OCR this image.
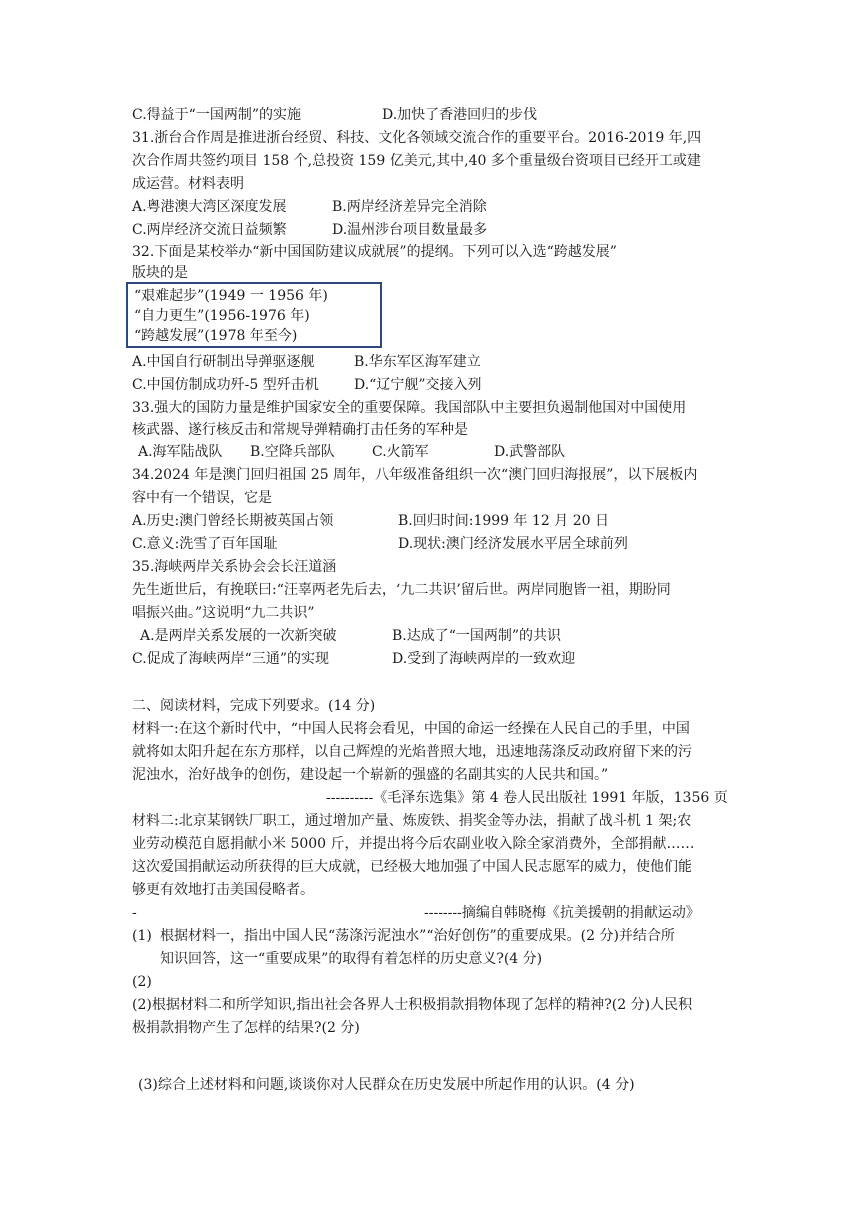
C.得益于“一国两制”的实施	D.加快了香港回归的步伐
31.浙台合作周是推进浙台经贸、科技、文化各领域交流合作的重要平台。2016-2019 年,四
次合作周共签约项目 158 个,总投资 159 亿美元,其中,40 多个重量级台资项目已经开工或建
成运营。材料表明
A.粤港澳大湾区深度发展	B.两岸经济差异完全消除
C.两岸经济交流日益频繁	D.温州涉台项目数量最多
32.下面是某校举办“新中国国防建议成就展”的提纲。下列可以入选“跨越发展”
版块的是
“艰难起步”(1949 一 1956 年)
“自力更生”(1956-1976 年)
“跨越发展”(1978 年至今)
A.中国自行研制出导弹驱逐舰	B.华东军区海军建立
C.中国仿制成功歼-5 型歼击机	D.“辽宁舰”交接入列
33.强大的国防力量是维护国家安全的重要保障。我国部队中主要担负遏制他国对中国使用
核武器、遂行核反击和常规导弹精确打击任务的军种是
A.海军陆战队 B.空降兵部队	C.火箭军	D.武警部队
34.2024 年是澳门回归祖国 25 周年，八年级准备组织一次“澳门回归海报展”，以下展板内
容中有一个错误，它是
A.历史:澳门曾经长期被英国占领	B.回归时间:1999 年 12 月 20 日
C.意义:洗雪了百年国耻	D.现状:澳门经济发展水平居全球前列
35.海峡两岸关系协会会长汪道涵
先生逝世后，有挽联曰:“汪辜两老先后去，‘九二共识’留后世。两岸同胞皆一祖，期盼同
唱振兴曲。”这说明“九二共识”
A.是两岸关系发展的一次新突破	B.达成了“一国两制”的共识
C.促成了海峡两岸“三通”的实现	D.受到了海峡两岸的一致欢迎
二、阅读材料，完成下列要求。(14 分)
材料一:在这个新时代中，“中国人民将会看见，中国的命运一经操在人民自己的手里，中国
就将如太阳升起在东方那样，以自己辉煌的光焰普照大地，迅速地荡涤反动政府留下来的污
泥浊水，治好战争的创伤，建设起一个崭新的强盛的名副其实的人民共和国。”
----------《毛泽东选集》第 4 卷人民出版社 1991 年版，1356 页
材料二:北京某钢铁厂职工，通过增加产量、炼废铁、捐奖金等办法，捐献了战斗机 1 架;农
业劳动模范自愿捐献小米 5000 斤，并提出将今后农副业收入除全家消费外，全部捐献……
这次爱国捐献运动所获得的巨大成就，已经极大地加强了中国人民志愿军的威力，使他们能
够更有效地打击美国侵略者。
-	--------摘编自韩晓梅《抗美援朝的捐献运动》
(1) 根据材料一，指出中国人民“荡涤污泥浊水”“治好创伤”的重要成果。(2 分)并结合所
知识回答，这一“重要成果”的取得有着怎样的历史意义?(4 分)
(2)
(2)根据材料二和所学知识,指出社会各界人士积极捐款捐物体现了怎样的精神?(2 分)人民积
极捐款捐物产生了怎样的结果?(2 分)
(3)综合上述材料和问题,谈谈你对人民群众在历史发展中所起作用的认识。(4 分)
